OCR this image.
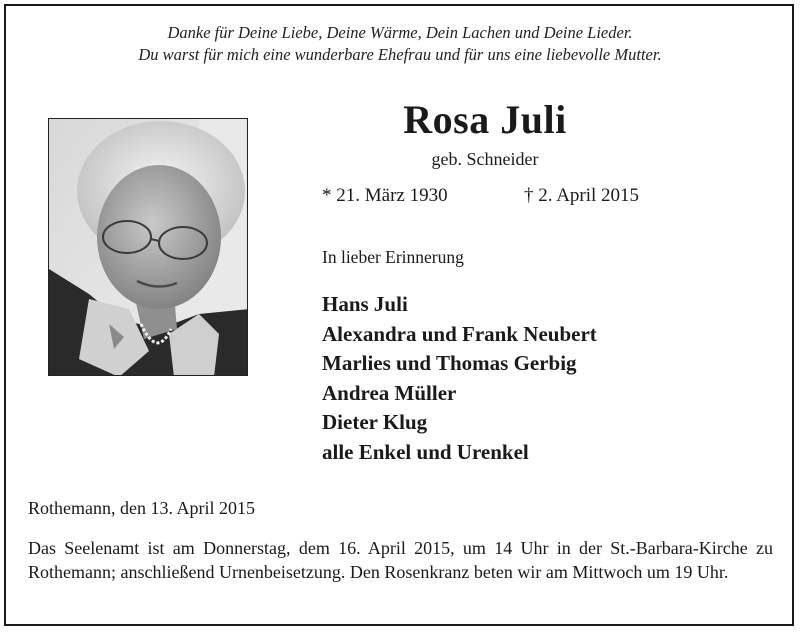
Danke für Deine Liebe, Deine Wärme, Dein Lachen und Deine Lieder.
Du warst für mich eine wunderbare Ehefrau und für uns eine liebevolle Mutter.
Rosa Juli
geb. Schneider
* 21. März 1930	† 2. April 2015
In lieber Erinnerung
Hans Juli
Alexandra und Frank Neubert
Marlies und Thomas Gerbig
Andrea Müller
Dieter Klug
alle Enkel und Urenkel
Rothemann, den 13. April 2015
Das Seelenamt ist am Donnerstag, dem 16. April 2015, um 14 Uhr in der St.-Barbara-Kirche zu Rothemann; anschließend Urnenbeisetzung. Den Rosenkranz beten wir am Mittwoch um 19 Uhr.
